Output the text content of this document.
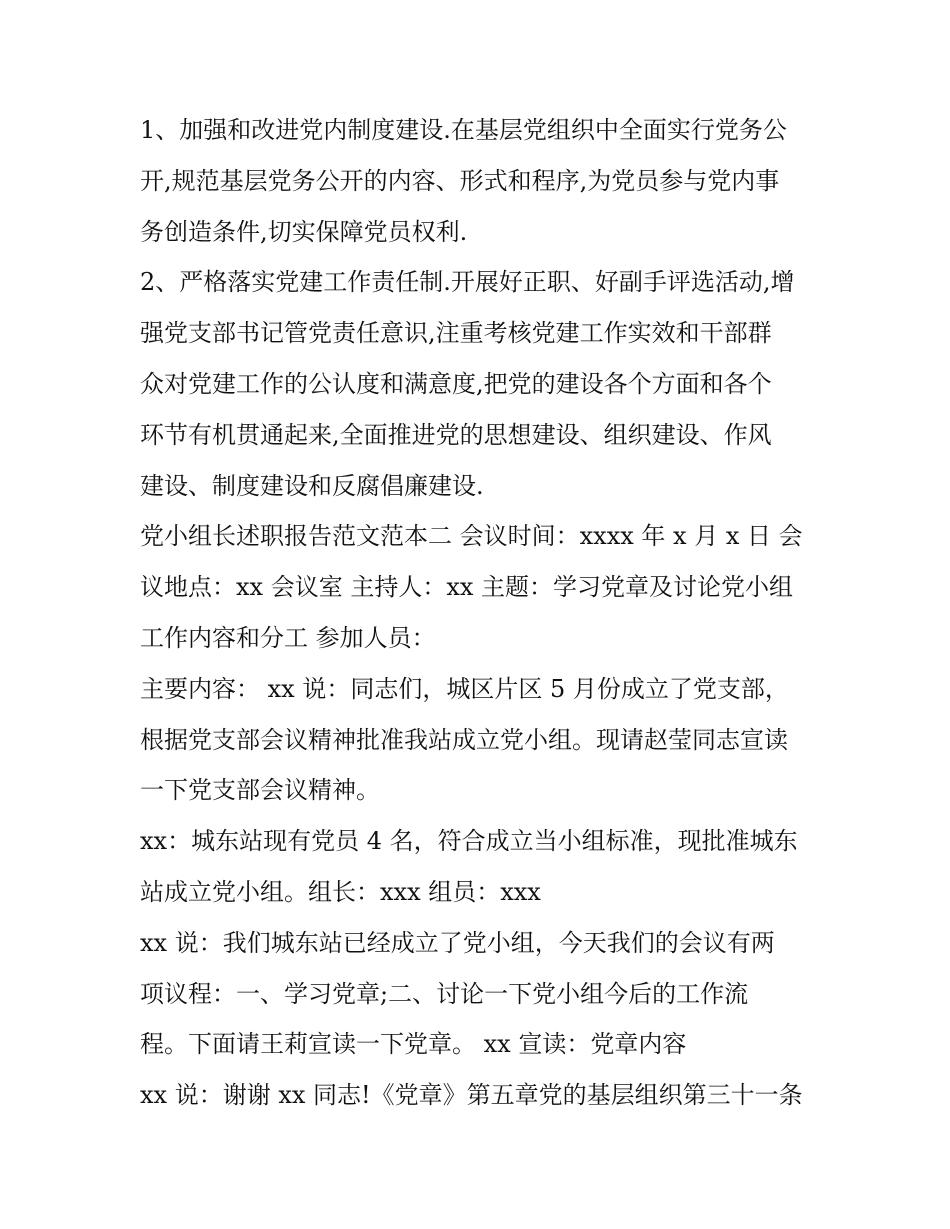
1、加强和改进党内制度建设.在基层党组织中全面实行党务公
开,规范基层党务公开的内容、形式和程序,为党员参与党内事
务创造条件,切实保障党员权利.
2、严格落实党建工作责任制.开展好正职、好副手评选活动,增
强党支部书记管党责任意识,注重考核党建工作实效和干部群
众对党建工作的公认度和满意度,把党的建设各个方面和各个
环节有机贯通起来,全面推进党的思想建设、组织建设、作风
建设、制度建设和反腐倡廉建设.
党小组长述职报告范文范本二 会议时间：xxxx 年 x 月 x 日 会
议地点：xx 会议室 主持人：xx 主题：学习党章及讨论党小组
工作内容和分工 参加人员：
主要内容： xx 说：同志们，城区片区 5 月份成立了党支部，
根据党支部会议精神批准我站成立党小组。现请赵莹同志宣读
一下党支部会议精神。
xx：城东站现有党员 4 名，符合成立当小组标准，现批准城东
站成立党小组。组长：xxx 组员：xxx
xx 说：我们城东站已经成立了党小组，今天我们的会议有两
项议程：一、学习党章;二、讨论一下党小组今后的工作流
程。下面请王莉宣读一下党章。 xx 宣读：党章内容
xx 说：谢谢 xx 同志!《党章》第五章党的基层组织第三十一条
